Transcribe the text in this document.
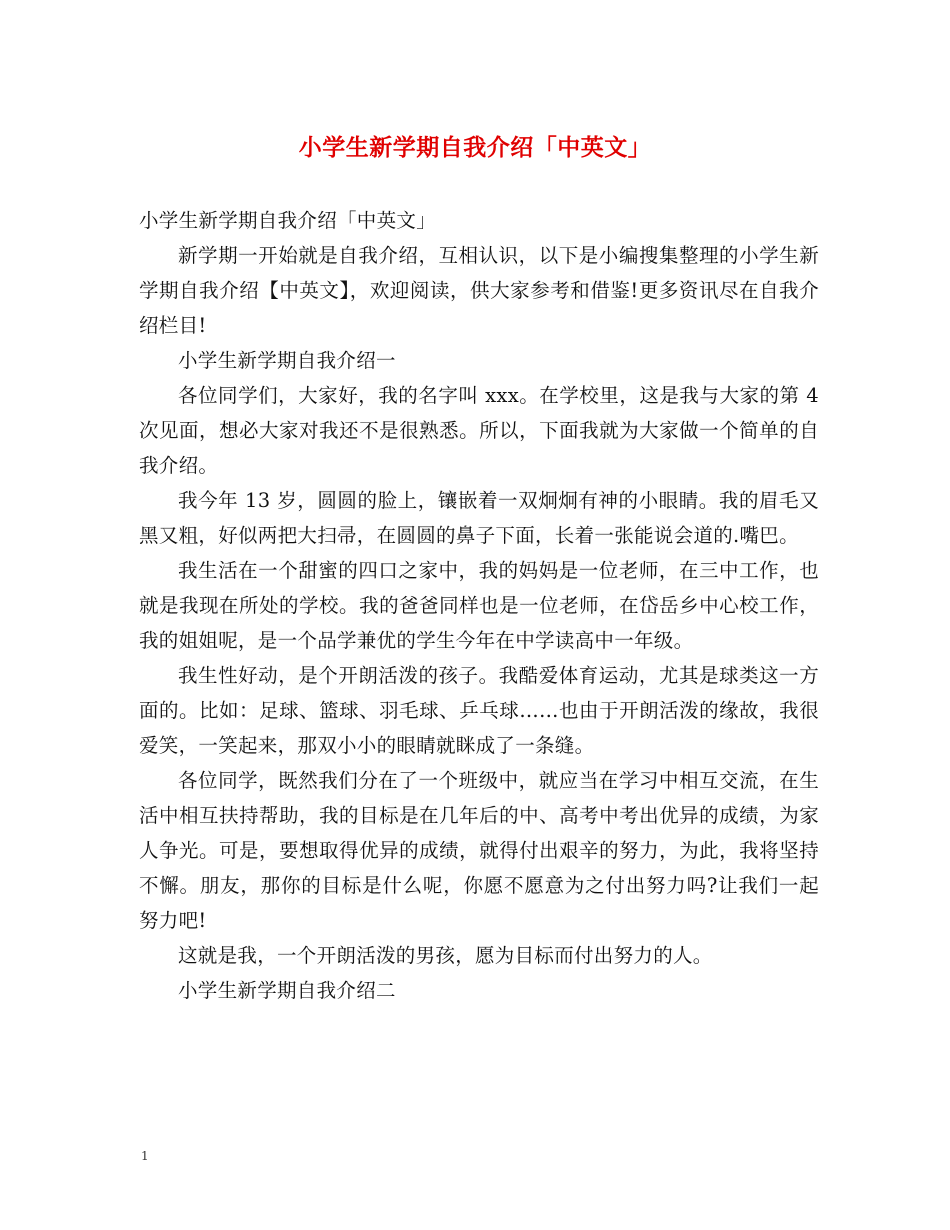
小学生新学期自我介绍「中英文」

小学生新学期自我介绍「中英文」

新学期一开始就是自我介绍，互相认识，以下是小编搜集整理的小学生新学期自我介绍【中英文】，欢迎阅读，供大家参考和借鉴!更多资讯尽在自我介绍栏目!

小学生新学期自我介绍一

各位同学们，大家好，我的名字叫 xxx。在学校里，这是我与大家的第 4 次见面，想必大家对我还不是很熟悉。所以，下面我就为大家做一个简单的自我介绍。

我今年 13 岁，圆圆的脸上，镶嵌着一双炯炯有神的小眼睛。我的眉毛又黑又粗，好似两把大扫帚，在圆圆的鼻子下面，长着一张能说会道的.嘴巴。

我生活在一个甜蜜的四口之家中，我的妈妈是一位老师，在三中工作，也就是我现在所处的学校。我的爸爸同样也是一位老师，在岱岳乡中心校工作，我的姐姐呢，是一个品学兼优的学生今年在中学读高中一年级。

我生性好动，是个开朗活泼的孩子。我酷爱体育运动，尤其是球类这一方面的。比如：足球、篮球、羽毛球、乒乓球……也由于开朗活泼的缘故，我很爱笑，一笑起来，那双小小的眼睛就眯成了一条缝。

各位同学，既然我们分在了一个班级中，就应当在学习中相互交流，在生活中相互扶持帮助，我的目标是在几年后的中、高考中考出优异的成绩，为家人争光。可是，要想取得优异的成绩，就得付出艰辛的努力，为此，我将坚持不懈。朋友，那你的目标是什么呢，你愿不愿意为之付出努力吗?让我们一起努力吧!

这就是我，一个开朗活泼的男孩，愿为目标而付出努力的人。

小学生新学期自我介绍二

1
